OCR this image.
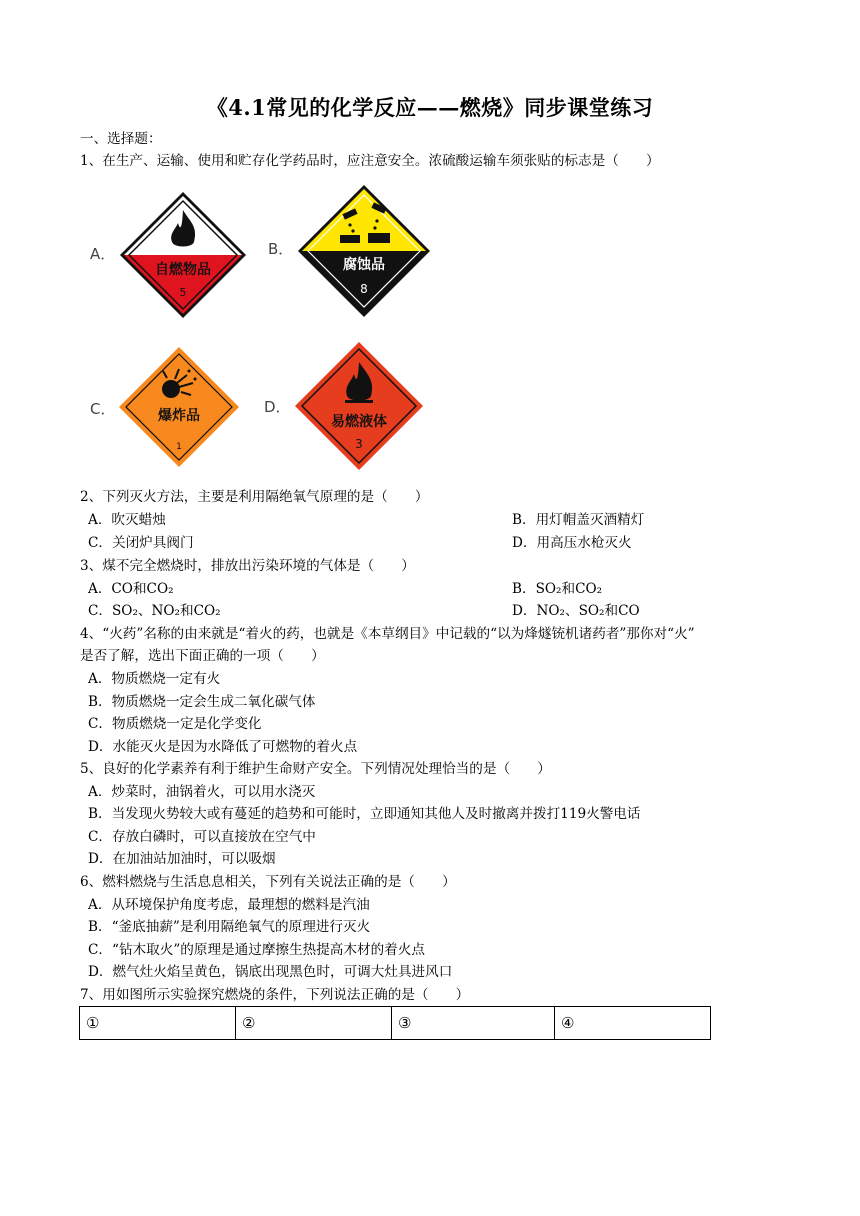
《4.1常见的化学反应——燃烧》同步课堂练习
一、选择题：
1、在生产、运输、使用和贮存化学药品时，应注意安全。浓硫酸运输车须张贴的标志是（　　）
A．
自燃物品
5
B．
腐蚀品
8
C．	爆炸品
1
D．
易燃液体
3
2、下列灭火方法，主要是利用隔绝氧气原理的是（　　）
A．吹灭蜡烛	B．用灯帽盖灭酒精灯
C．关闭炉具阀门	D．用高压水枪灭火
3、煤不完全燃烧时，排放出污染环境的气体是（　　）
A．CO和CO₂	B．SO₂和CO₂
C．SO₂、NO₂和CO₂	D．NO₂、SO₂和CO
4、“火药”名称的由来就是“着火的药，也就是《本草纲目》中记载的“以为烽燧铳机诸药者”那你对“火”
是否了解，选出下面正确的一项（　　）
A．物质燃烧一定有火
B．物质燃烧一定会生成二氧化碳气体
C．物质燃烧一定是化学变化
D．水能灭火是因为水降低了可燃物的着火点
5、良好的化学素养有利于维护生命财产安全。下列情况处理恰当的是（　　）
A．炒菜时，油锅着火，可以用水浇灭
B．当发现火势较大或有蔓延的趋势和可能时，立即通知其他人及时撤离并拨打119火警电话
C．存放白磷时，可以直接放在空气中
D．在加油站加油时，可以吸烟
6、燃料燃烧与生活息息相关，下列有关说法正确的是（　　）
A．从环境保护角度考虑，最理想的燃料是汽油
B．“釜底抽薪”是利用隔绝氧气的原理进行灭火
C．“钻木取火”的原理是通过摩擦生热提高木材的着火点
D．燃气灶火焰呈黄色，锅底出现黑色时，可调大灶具进风口
7、用如图所示实验探究燃烧的条件，下列说法正确的是（　　）
①	②	③	④
